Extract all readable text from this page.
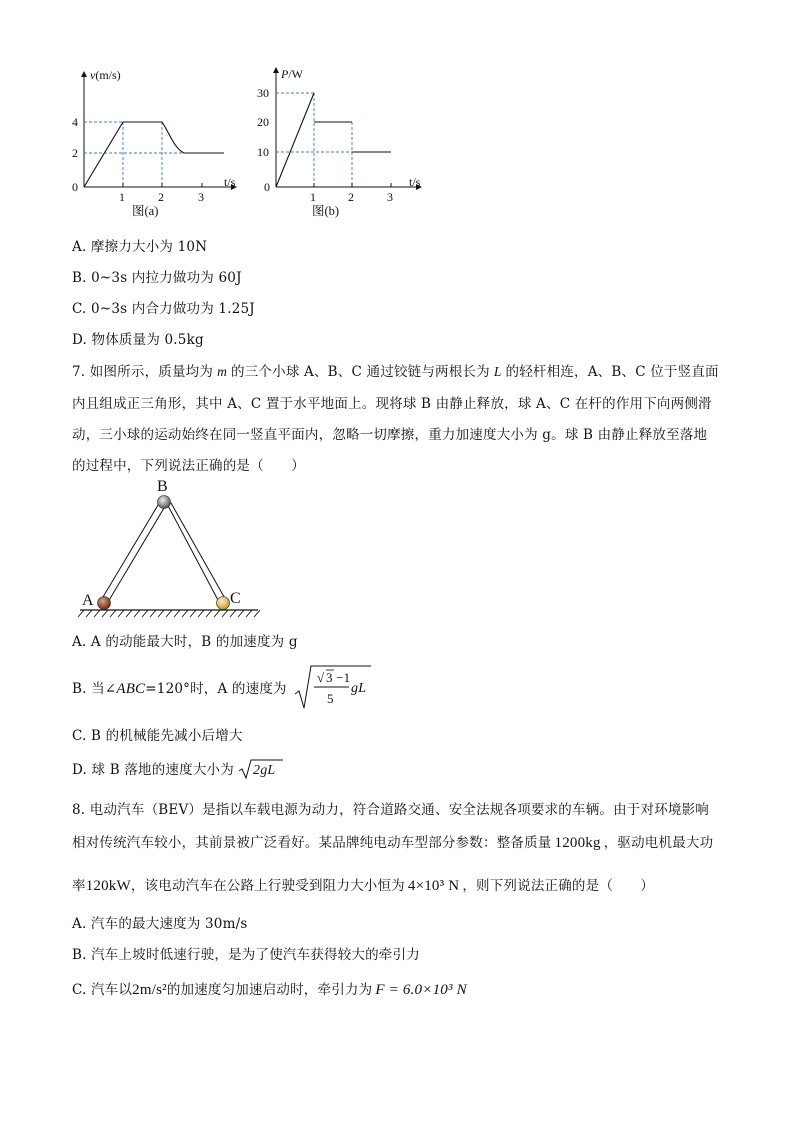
v(m/s)
t/s
4
2
0
1	2	3
图(a)
P/W
t/s
30
20
10
0
1	2	3
图(b)
A. 摩擦力大小为 10N
B. 0~3s 内拉力做功为 60J
C. 0~3s 内合力做功为 1.25J
D. 物体质量为 0.5kg
7. 如图所示，质量均为 m 的三个小球 A、B、C 通过铰链与两根长为 L 的轻杆相连，A、B、C 位于竖直面
内且组成正三角形，其中 A、C 置于水平地面上。现将球 B 由静止释放，球 A、C 在杆的作用下向两侧滑
动，三小球的运动始终在同一竖直平面内，忽略一切摩擦，重力加速度大小为 g。球 B 由静止释放至落地
的过程中，下列说法正确的是（　　）
A
B
C
A. A 的动能最大时，B 的加速度为 g
B. 当∠ABC=120°时，A 的速度为
√ 3 −1
5
gL
C. B 的机械能先减小后增大
D. 球 B 落地的速度大小为 2gL
8. 电动汽车（BEV）是指以车载电源为动力，符合道路交通、安全法规各项要求的车辆。由于对环境影响
相对传统汽车较小，其前景被广泛看好。某品牌纯电动车型部分参数：整备质量 1200kg ，驱动电机最大功
率120kW，该电动汽车在公路上行驶受到阻力大小恒为 4×10³ N ，则下列说法正确的是（　　）
A. 汽车的最大速度为 30m/s
B. 汽车上坡时低速行驶，是为了使汽车获得较大的牵引力
C. 汽车以2m/s²的加速度匀加速启动时，牵引力为 F = 6.0×10³ N
